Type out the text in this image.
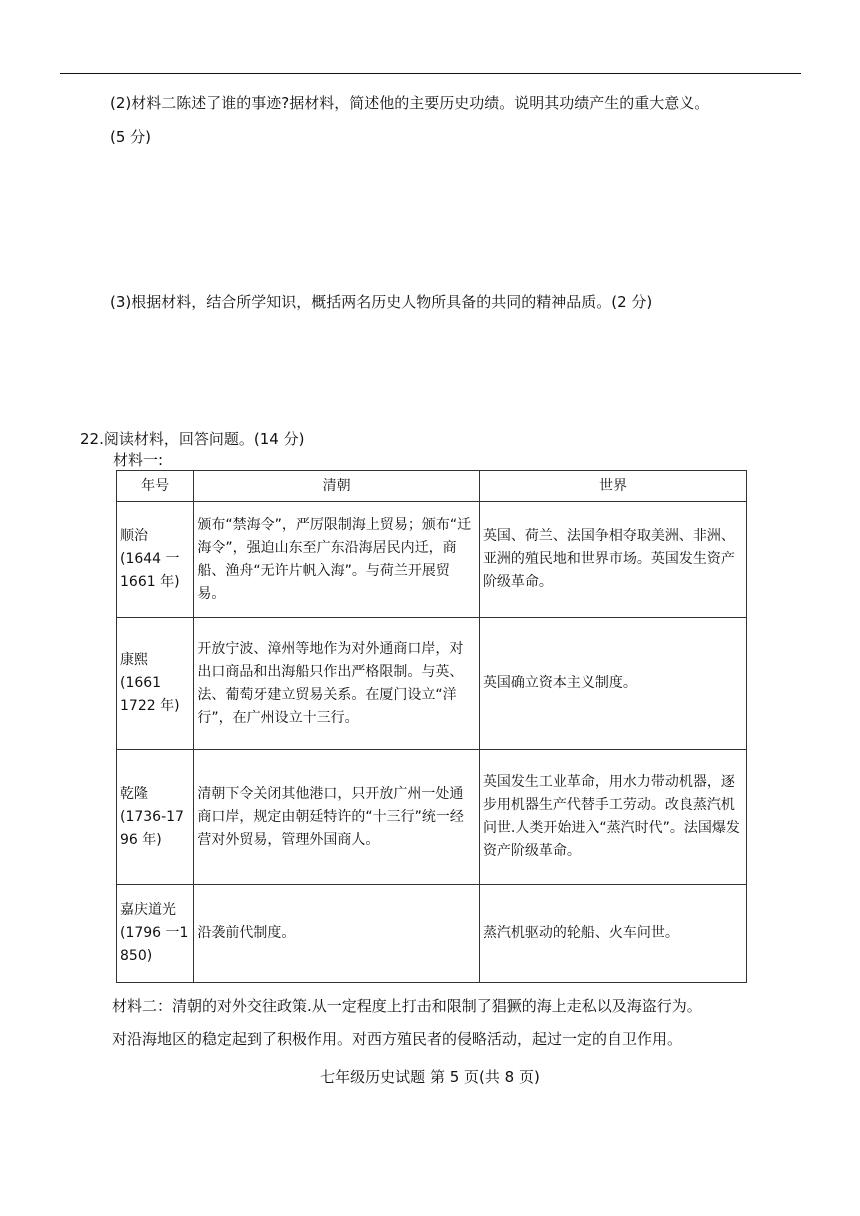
(2)材料二陈述了谁的事迹?据材料，简述他的主要历史功绩。说明其功绩产生的重大意义。
(5 分)
(3)根据材料，结合所学知识，概括两名历史人物所具备的共同的精神品质。(2 分)
22.阅读材料，回答问题。(14 分)
材料一:
年号	清朝	世界
顺治
(1644 一
1661 年)	颁布“禁海令”，严厉限制海上贸易；颁布“迁海令”，强迫山东至广东沿海居民内迁，商船、渔舟“无许片帆入海”。与荷兰开展贸易。	英国、荷兰、法国争相夺取美洲、非洲、亚洲的殖民地和世界市场。英国发生资产阶级革命。
康熙
(1661
1722 年)	开放宁波、漳州等地作为对外通商口岸，对出口商品和出海船只作出严格限制。与英、法、葡萄牙建立贸易关系。在厦门设立“洋行”，在广州设立十三行。	英国确立资本主义制度。
乾隆
(1736-17
96 年)	清朝下令关闭其他港口，只开放广州一处通商口岸，规定由朝廷特许的“十三行”统一经营对外贸易，管理外国商人。	英国发生工业革命，用水力带动机器，逐步用机器生产代替手工劳动。改良蒸汽机问世.人类开始进入“蒸汽时代”。法国爆发资产阶级革命。
嘉庆道光
(1796 一1
850)	沿袭前代制度。	蒸汽机驱动的轮船、火车问世。
材料二：清朝的对外交往政策.从一定程度上打击和限制了猖獗的海上走私以及海盗行为。
对沿海地区的稳定起到了积极作用。对西方殖民者的侵略活动，起过一定的自卫作用。
七年级历史试题 第 5 页(共 8 页)
